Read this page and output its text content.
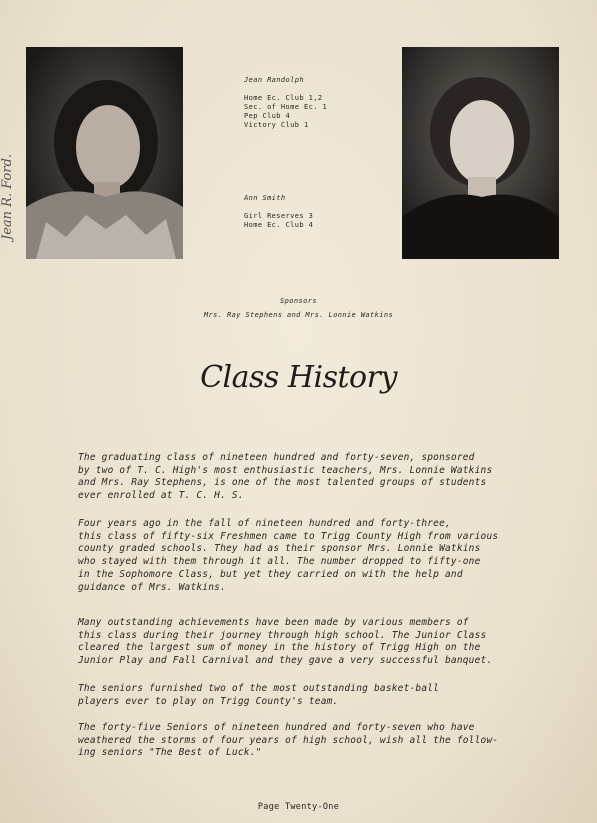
Jean R. Ford.
Jean Randolph
Home Ec. Club 1,2
Sec. of Home Ec. 1
Pep Club 4
Victory Club 1
Ann Smith
Girl Reserves 3
Home Ec. Club 4
Sponsors
Mrs. Ray Stephens and Mrs. Lonnie Watkins
Class History
The graduating class of nineteen hundred and forty-seven, sponsored
by two of T. C. High's most enthusiastic teachers, Mrs. Lonnie Watkins
and Mrs. Ray Stephens, is one of the most talented groups of students
ever enrolled at T. C. H. S.
Four years ago in the fall of nineteen hundred and forty-three,
this class of fifty-six Freshmen came to Trigg County High from various
county graded schools. They had as their sponsor Mrs. Lonnie Watkins
who stayed with them through it all. The number dropped to fifty-one
in the Sophomore Class, but yet they carried on with the help and
guidance of Mrs. Watkins.
Many outstanding achievements have been made by various members of
this class during their journey through high school. The Junior Class
cleared the largest sum of money in the history of Trigg High on the
Junior Play and Fall Carnival and they gave a very successful banquet.
The seniors furnished two of the most outstanding basket-ball
players ever to play on Trigg County's team.
The forty-five Seniors of nineteen hundred and forty-seven who have
weathered the storms of four years of high school, wish all the follow-
ing seniors "The Best of Luck."
Page Twenty-One
